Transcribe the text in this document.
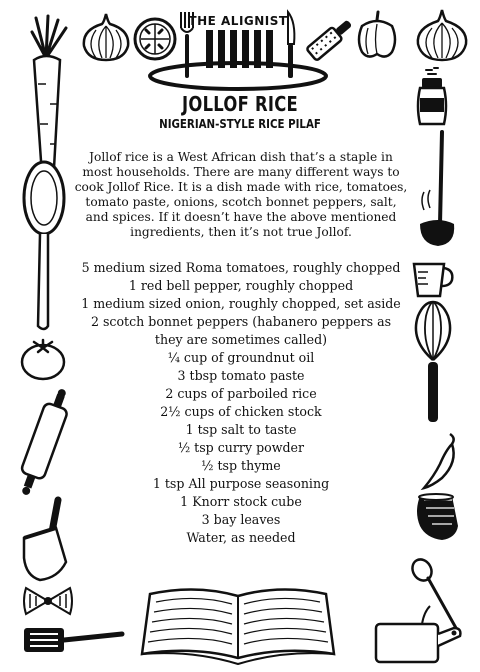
THE ALIGNIST
JOLLOF RICE
NIGERIAN-STYLE RICE PILAF
Jollof rice is a West African dish that’s a staple in most households. There are many different ways to cook Jollof Rice. It is a dish made with rice, tomatoes, tomato paste, onions, scotch bonnet peppers, salt, and spices. If it doesn’t have the above mentioned ingredients, then it’s not true Jollof.
5 medium sized Roma tomatoes, roughly chopped
1 red bell pepper, roughly chopped
1 medium sized onion, roughly chopped, set aside
2 scotch bonnet peppers (habanero peppers as they are sometimes called)
¼ cup of groundnut oil
3 tbsp tomato paste
2 cups of parboiled rice
2½ cups of chicken stock
1 tsp salt to taste
½ tsp curry powder
½ tsp thyme
1 tsp All purpose seasoning
1 Knorr stock cube
3 bay leaves
Water, as needed
